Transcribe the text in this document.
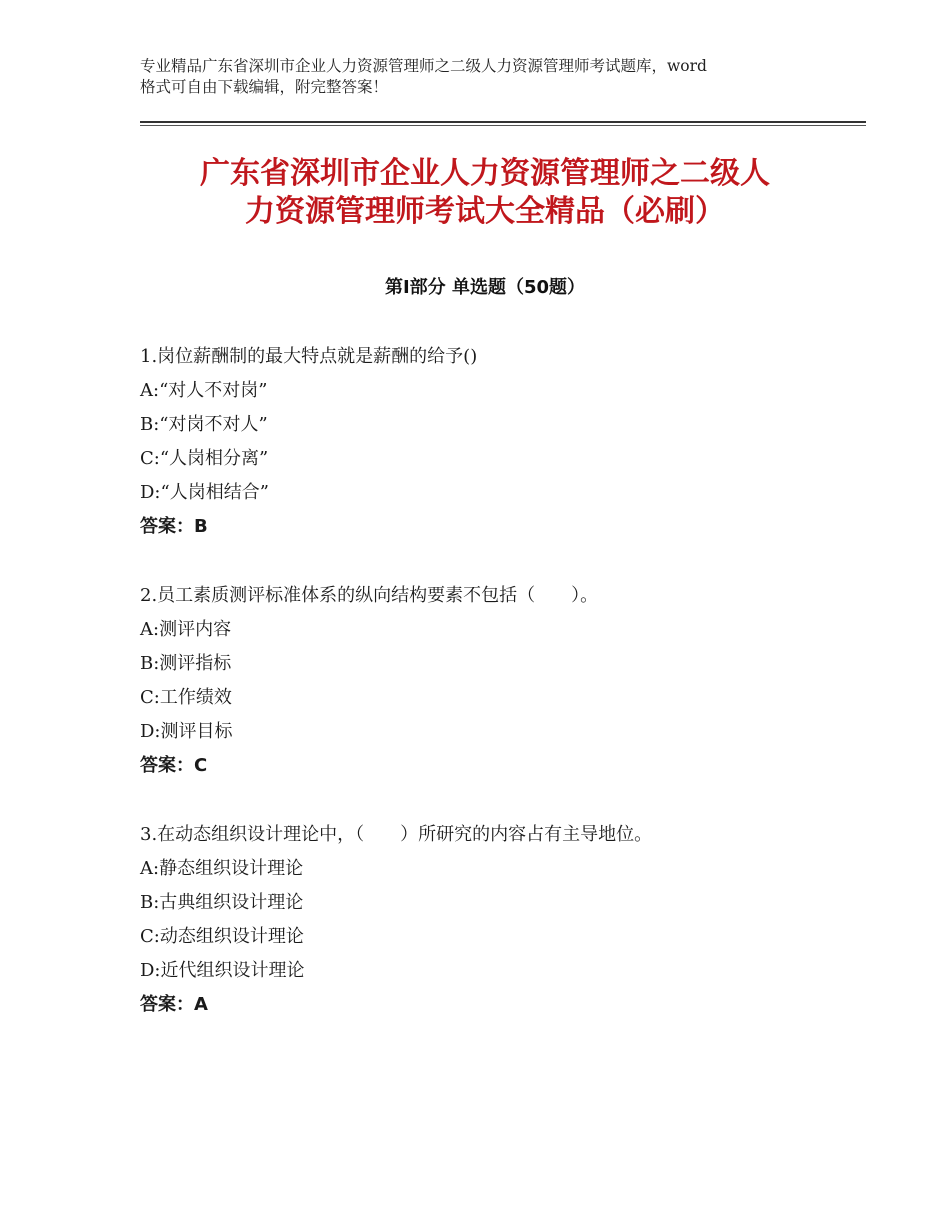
专业精品广东省深圳市企业人力资源管理师之二级人力资源管理师考试题库，word
格式可自由下载编辑，附完整答案！
广东省深圳市企业人力资源管理师之二级人
力资源管理师考试大全精品（必刷）
第Ⅰ部分 单选题（50题）
1.岗位薪酬制的最大特点就是薪酬的给予()
A:“对人不对岗”
B:“对岗不对人”
C:“人岗相分离”
D:“人岗相结合”
答案：B
2.员工素质测评标准体系的纵向结构要素不包括（　　）。
A:测评内容
B:测评指标
C:工作绩效
D:测评目标
答案：C
3.在动态组织设计理论中，（　　）所研究的内容占有主导地位。
A:静态组织设计理论
B:古典组织设计理论
C:动态组织设计理论
D:近代组织设计理论
答案：A
